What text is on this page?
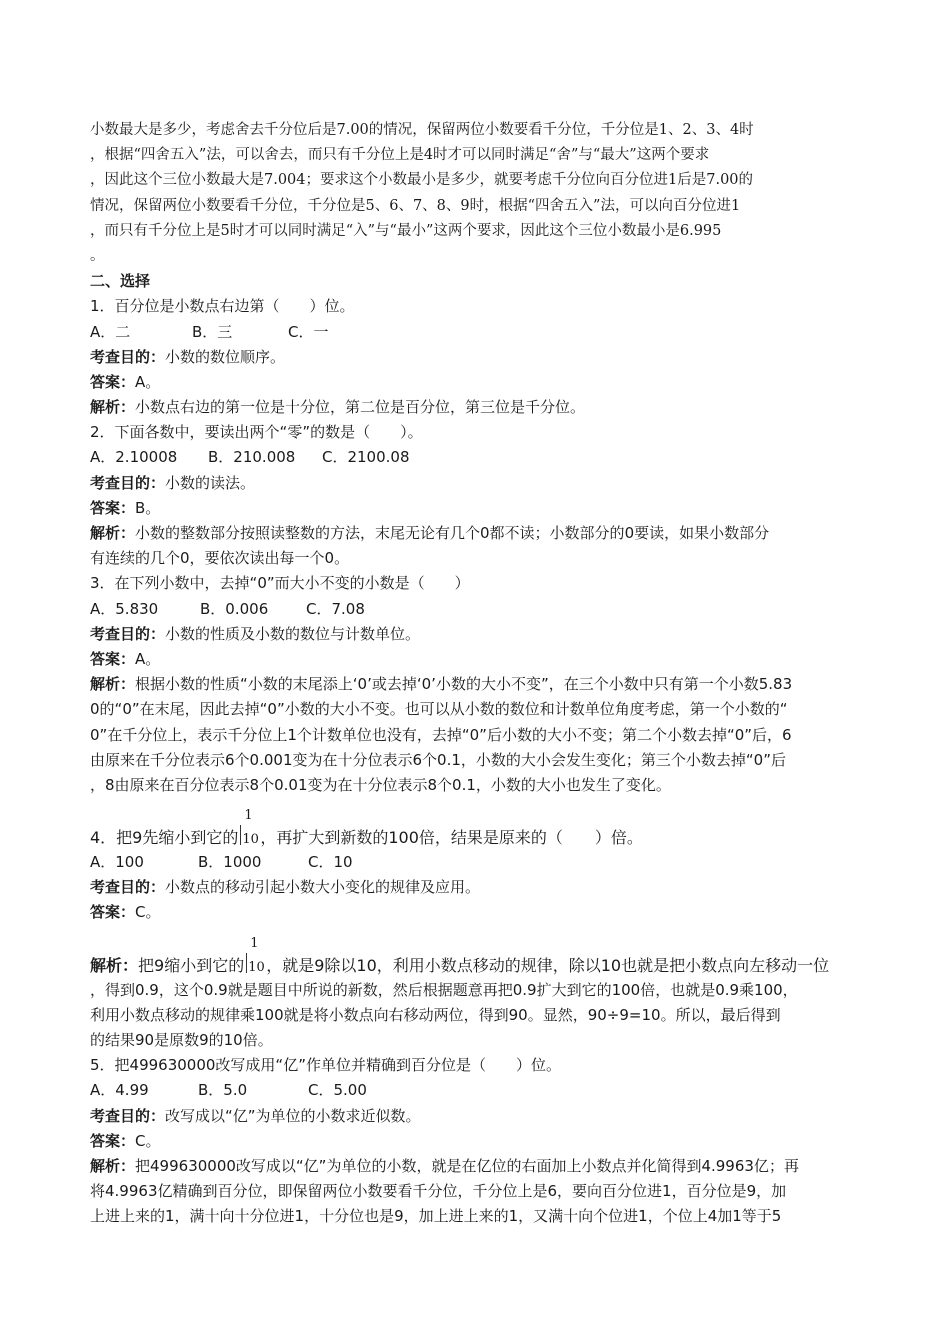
小数最大是多少，考虑舍去千分位后是7.00的情况，保留两位小数要看千分位，千分位是1、2、3、4时
，根据“四舍五入”法，可以舍去，而只有千分位上是4时才可以同时满足“舍”与“最大”这两个要求
，因此这个三位小数最大是7.004；要求这个小数最小是多少，就要考虑千分位向百分位进1后是7.00的
情况，保留两位小数要看千分位，千分位是5、6、7、8、9时，根据“四舍五入”法，可以向百分位进1
，而只有千分位上是5时才可以同时满足“入”与“最小”这两个要求，因此这个三位小数最小是6.995
。
二、选择
1．百分位是小数点右边第（　　）位。
A．二	B．三	C．一
考查目的：小数的数位顺序。
答案：A。
解析：小数点右边的第一位是十分位，第二位是百分位，第三位是千分位。
2．下面各数中，要读出两个“零”的数是（　　）。
A．2.10008 B．210.008 C．2100.08
考查目的：小数的读法。
答案：B。
解析：小数的整数部分按照读整数的方法，末尾无论有几个0都不读；小数部分的0要读，如果小数部分
有连续的几个0，要依次读出每一个0。
3．在下列小数中，去掉“0”而大小不变的小数是（　　）
A．5.830	B．0.006	C．7.08
考查目的：小数的性质及小数的数位与计数单位。
答案：A。
解析：根据小数的性质“小数的末尾添上‘0’或去掉‘0’小数的大小不变”，在三个小数中只有第一个小数5.83
0的“0”在末尾，因此去掉“0”小数的大小不变。也可以从小数的数位和计数单位角度考虑，第一个小数的“
0”在千分位上，表示千分位上1个计数单位也没有，去掉“0”后小数的大小不变；第二个小数去掉“0”后，6
由原来在千分位表示6个0.001变为在十分位表示6个0.1，小数的大小会发生变化；第三个小数去掉“0”后
，8由原来在百分位表示8个0.01变为在十分位表示8个0.1，小数的大小也发生了变化。
4．把9先缩小到它的
1
10 ，再扩大到新数的100倍，结果是原来的（　　）倍。
A．100	B．1000	C．10
考查目的：小数点的移动引起小数大小变化的规律及应用。
答案：C。
解析：把9缩小到它的
1
10 ，就是9除以10，利用小数点移动的规律，除以10也就是把小数点向左移动一位
，得到0.9，这个0.9就是题目中所说的新数，然后根据题意再把0.9扩大到它的100倍，也就是0.9乘100，
利用小数点移动的规律乘100就是将小数点向右移动两位，得到90。显然，90÷9=10。所以，最后得到
的结果90是原数9的10倍。
5．把499630000改写成用“亿”作单位并精确到百分位是（　　）位。
A．4.99	B．5.0	C．5.00
考查目的：改写成以“亿”为单位的小数求近似数。
答案：C。
解析：把499630000改写成以“亿”为单位的小数，就是在亿位的右面加上小数点并化简得到4.9963亿；再
将4.9963亿精确到百分位，即保留两位小数要看千分位，千分位上是6，要向百分位进1，百分位是9，加
上进上来的1，满十向十分位进1，十分位也是9，加上进上来的1，又满十向个位进1，个位上4加1等于5
